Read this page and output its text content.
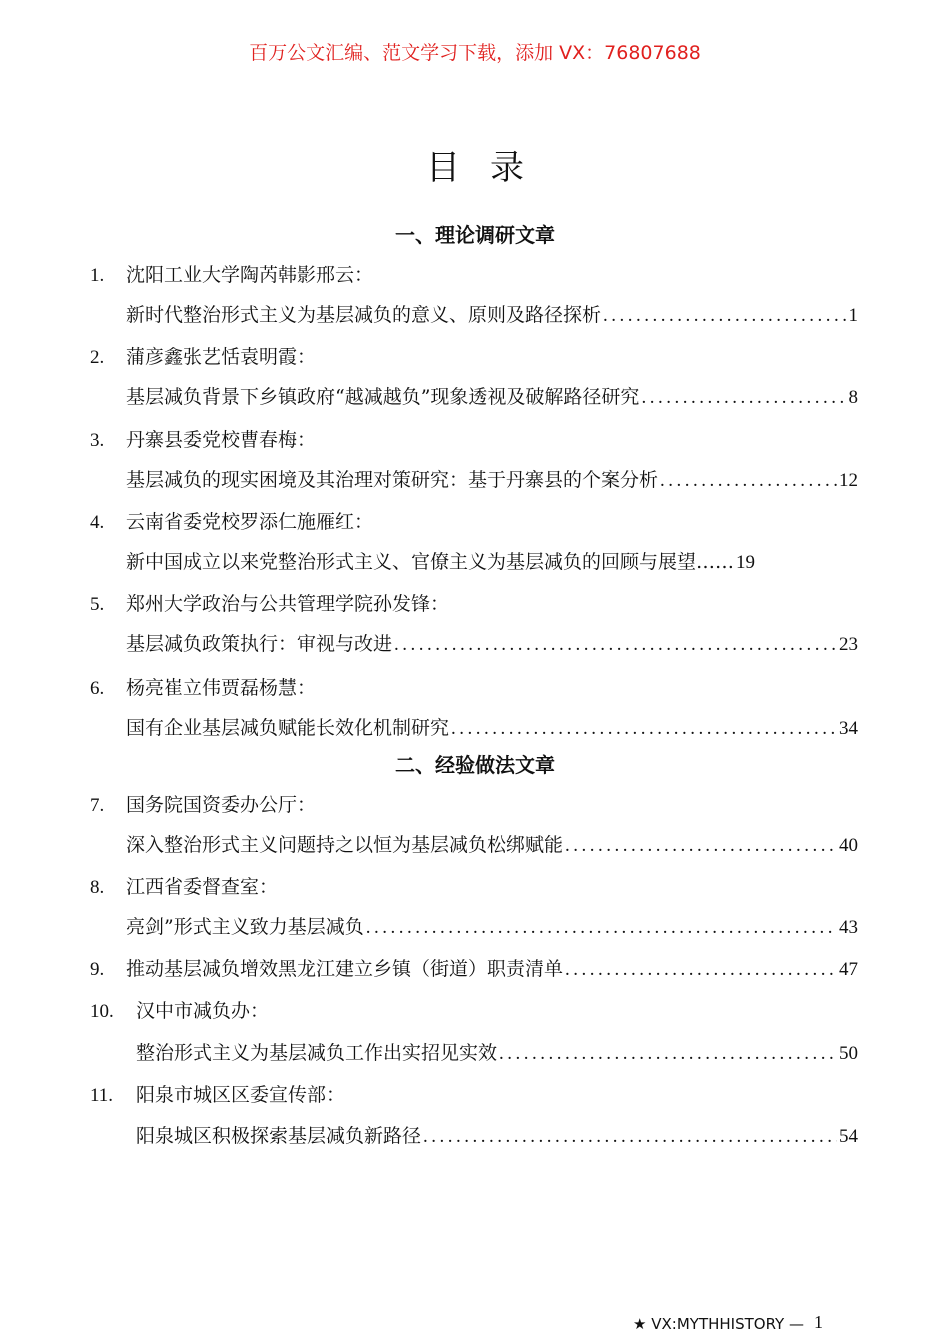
百万公文汇编、范文学习下载，添加 VX：76807688
目录
一、理论调研文章
1. 沈阳工业大学陶芮韩影邢云：
新时代整治形式主义为基层减负的意义、原则及路径探析 .....	1
2. 蒲彦鑫张艺恬袁明霞：
基层减负背景下乡镇政府“越减越负”现象透视及破解路径研究 .....	8
3. 丹寨县委党校曹春梅：
基层减负的现实困境及其治理对策研究：基于丹寨县的个案分析 .....	12
4. 云南省委党校罗添仁施雁红：
新中国成立以来党整治形式主义、官僚主义为基层减负的回顾与展望…… 19
5. 郑州大学政治与公共管理学院孙发锋：
基层减负政策执行：审视与改进 .....	23
6. 杨亮崔立伟贾磊杨慧：
国有企业基层减负赋能长效化机制研究 .....	34
二、经验做法文章
7. 国务院国资委办公厅：
深入整治形式主义问题持之以恒为基层减负松绑赋能 .....	40
8. 江西省委督查室：
亮剑”形式主义致力基层减负 .....	43
9.	推动基层减负增效黑龙江建立乡镇（街道）职责清单 .....	47
10. 汉中市减负办：
整治形式主义为基层减负工作出实招见实效 .....	50
11. 阳泉市城区区委宣传部：
阳泉城区积极探索基层减负新路径 .....	54
★ VX:MYTHHISTORY — 1
